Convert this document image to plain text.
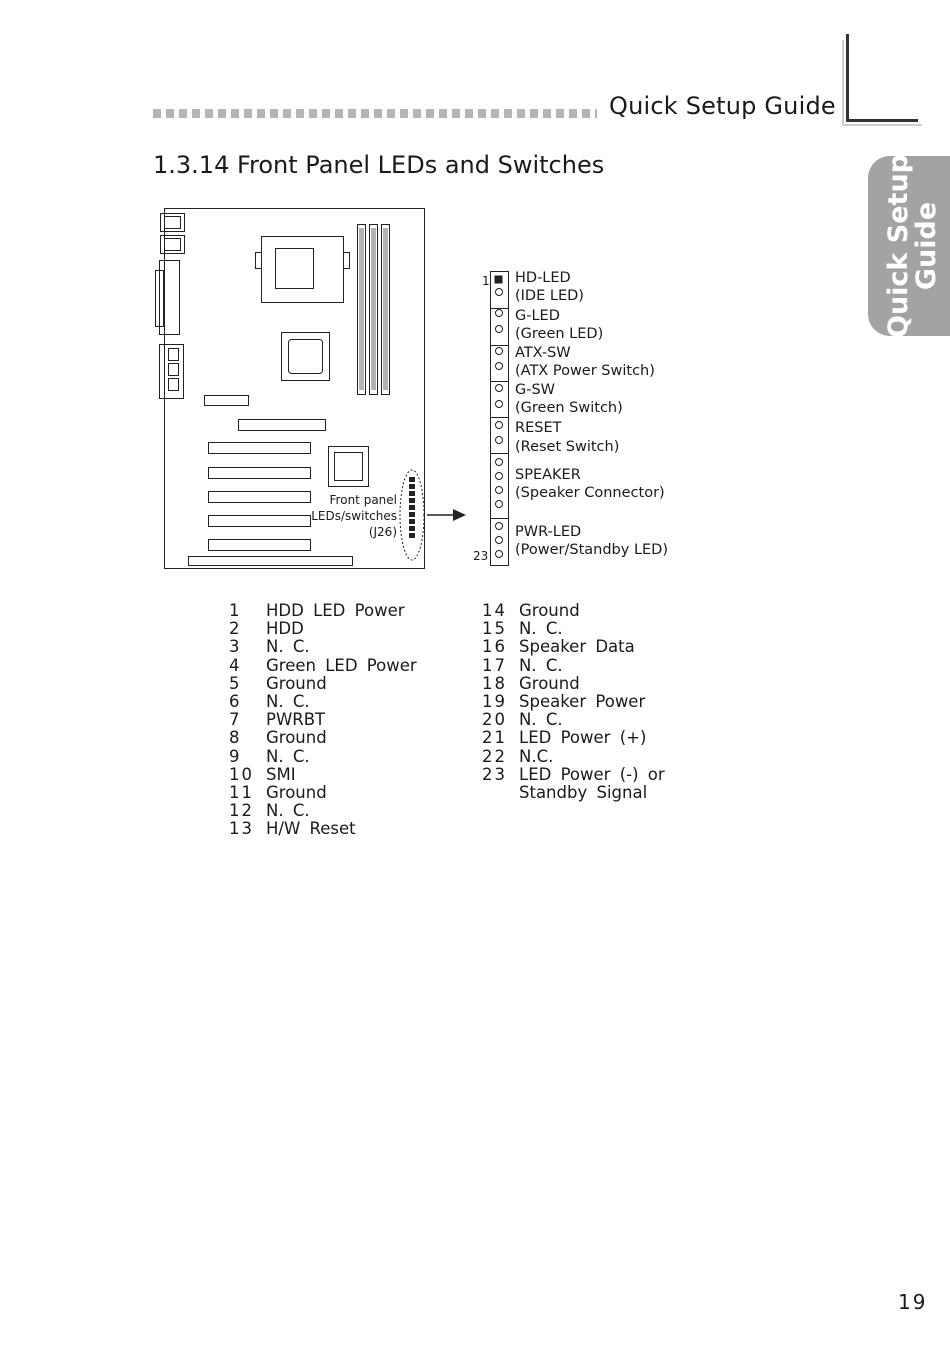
Quick Setup Guide
Quick Setup
Guide
1.3.14 Front Panel LEDs and Switches
Front panel
LEDs/switches
(J26)
1
23
HD-LED
(IDE LED)
G-LED
(Green LED)
ATX-SW
(ATX Power Switch)
G-SW
(Green Switch)
RESET
(Reset Switch)
SPEAKER
(Speaker Connector)
PWR-LED
(Power/Standby LED)
1	HDD LED Power
2	HDD
3	N. C.
4	Green LED Power
5	Ground
6	N. C.
7	PWRBT
8	Ground
9	N. C.
10 SMI
11 Ground
12 N. C.
13 H/W Reset
14 Ground
15 N. C.
16 Speaker Data
17 N. C.
18 Ground
19 Speaker Power
20 N. C.
21 LED Power (+)
22 N.C.
23 LED Power (-) or
Standby Signal
19
